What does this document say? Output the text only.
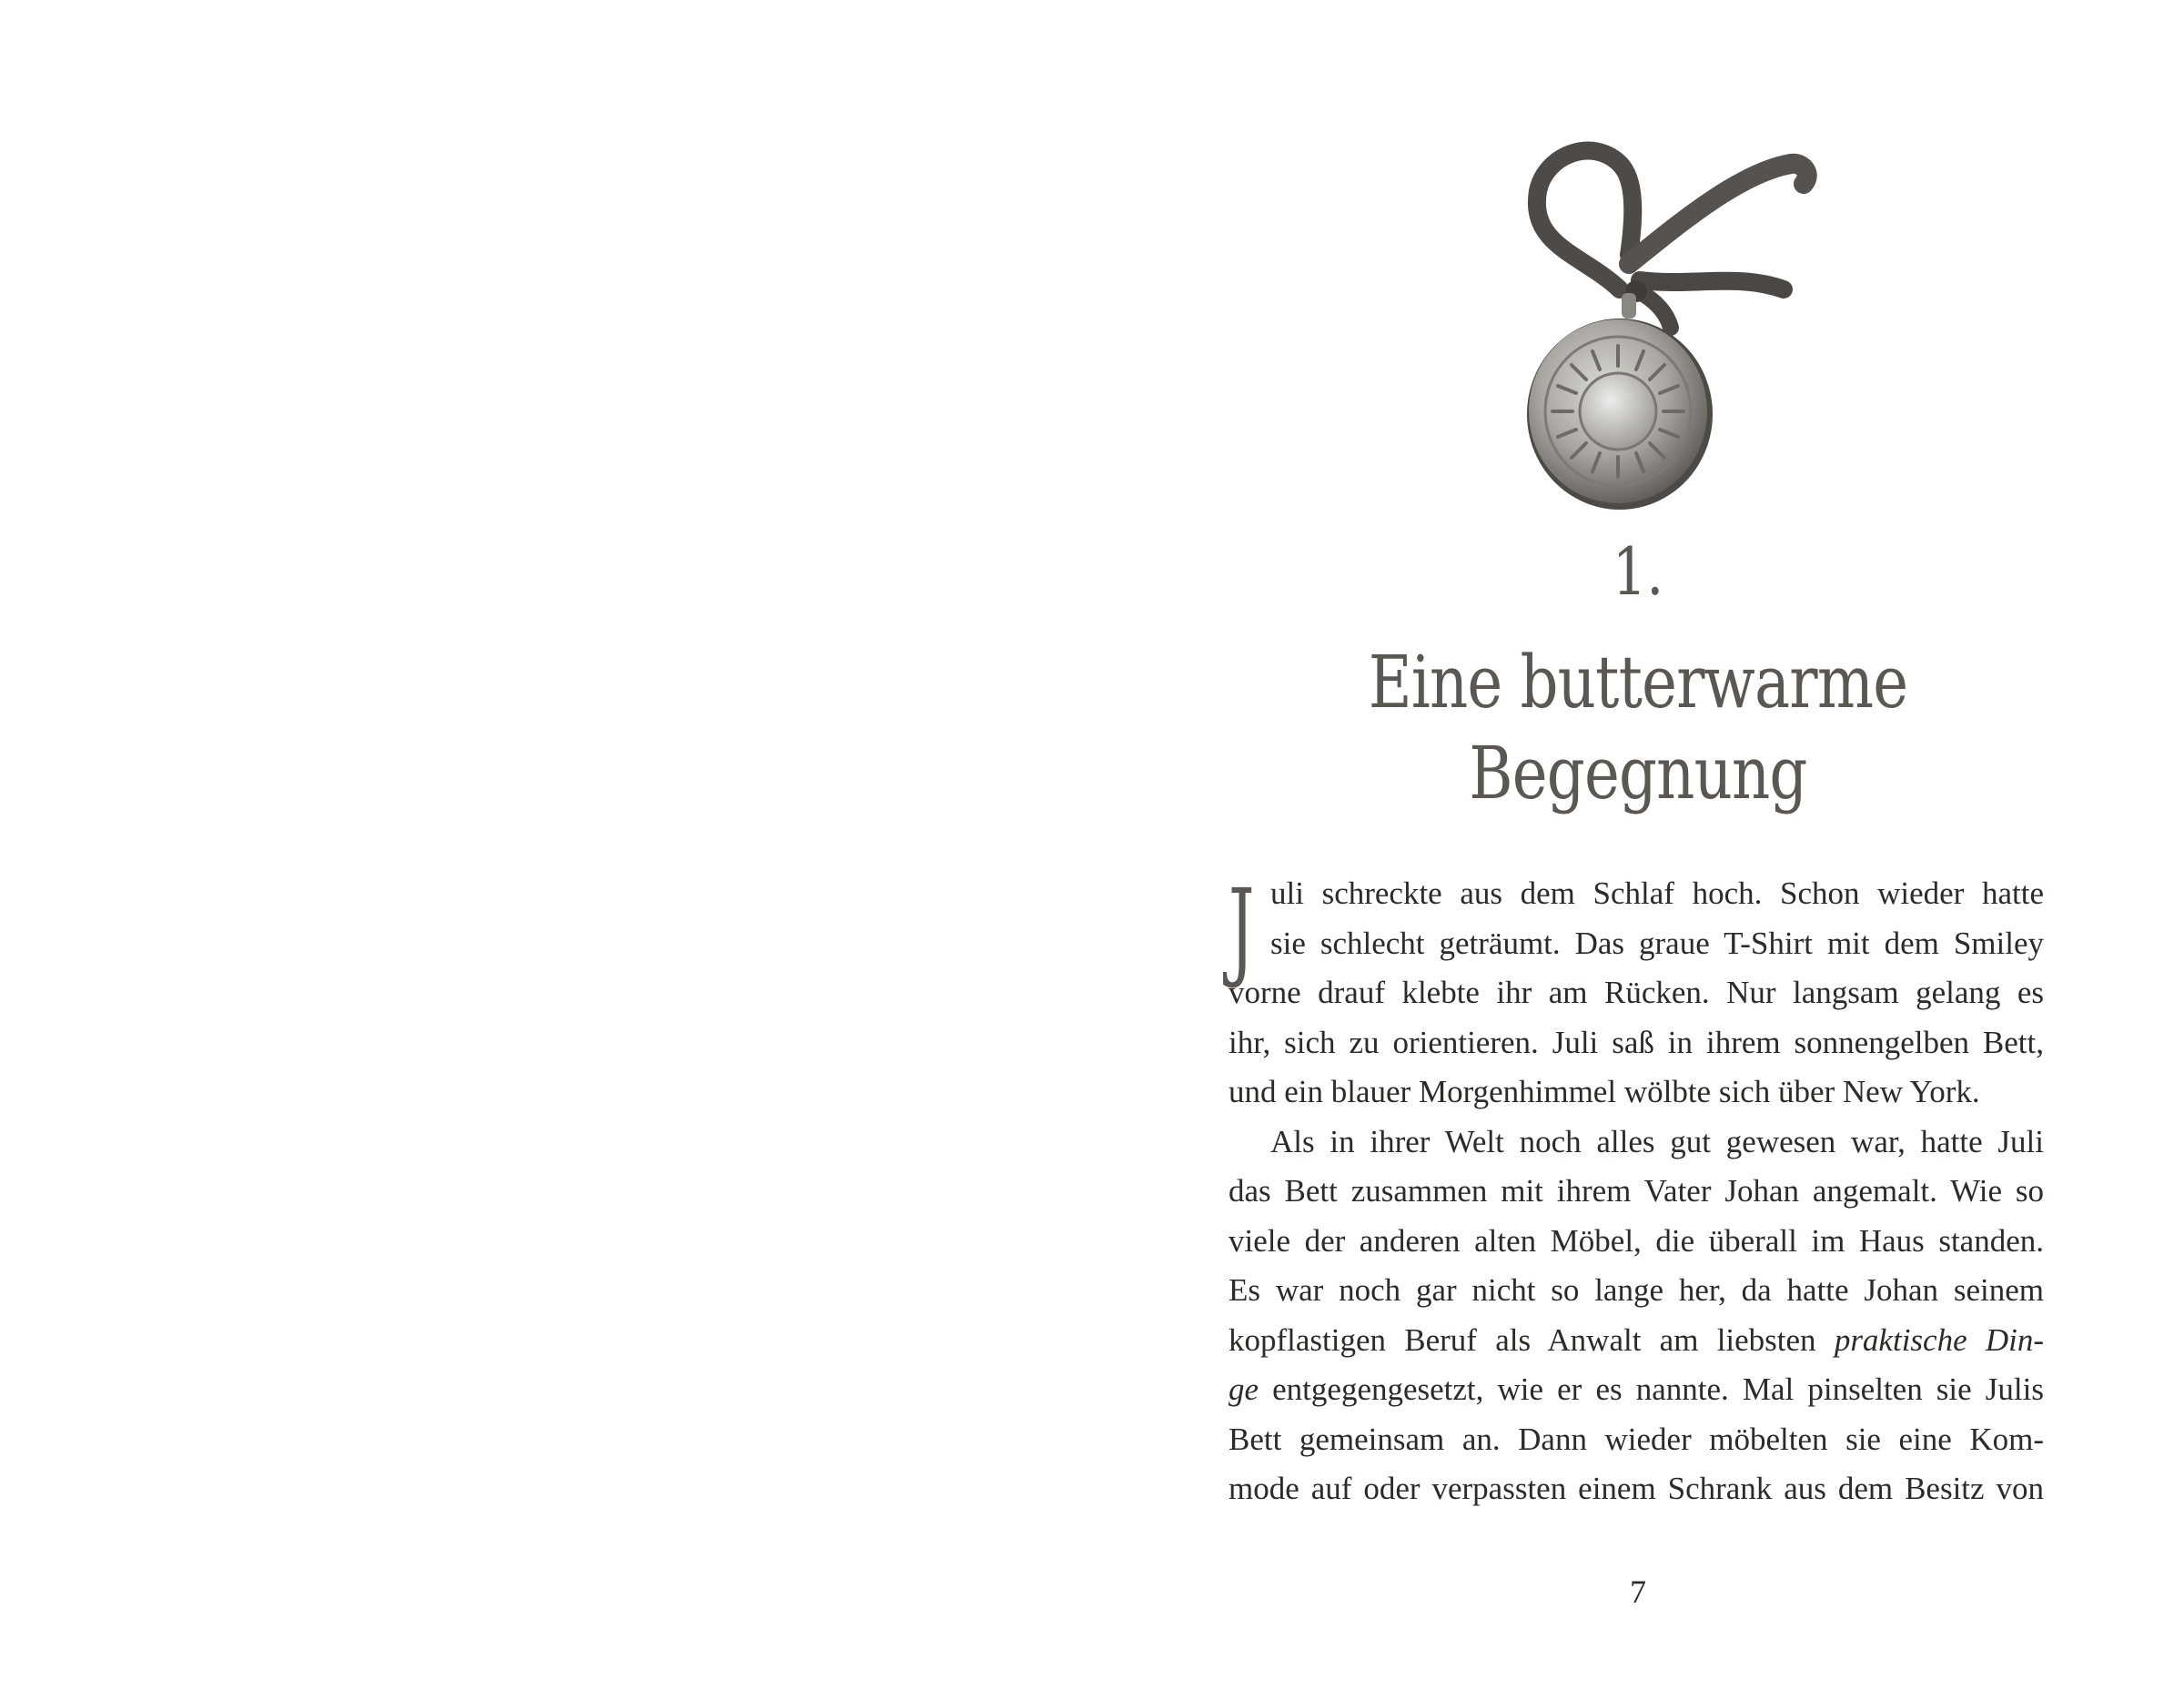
1.
Eine butterwarme
Begegnung
J uli schreckte aus dem Schlaf hoch. Schon wieder hatte
sie schlecht geträumt. Das graue T-Shirt mit dem Smiley
vorne drauf klebte ihr am Rücken. Nur langsam gelang es
ihr, sich zu orientieren. Juli saß in ihrem sonnengelben Bett,
und ein blauer Morgenhimmel wölbte sich über New York.
Als in ihrer Welt noch alles gut gewesen war, hatte Juli
das Bett zusammen mit ihrem Vater Johan angemalt. Wie so
viele der anderen alten Möbel, die überall im Haus standen.
Es war noch gar nicht so lange her, da hatte Johan seinem
kopflastigen Beruf als Anwalt am liebsten praktische Din-
ge entgegengesetzt, wie er es nannte. Mal pinselten sie Julis
Bett gemeinsam an. Dann wieder möbelten sie eine Kom-
mode auf oder verpassten einem Schrank aus dem Besitz von
7
